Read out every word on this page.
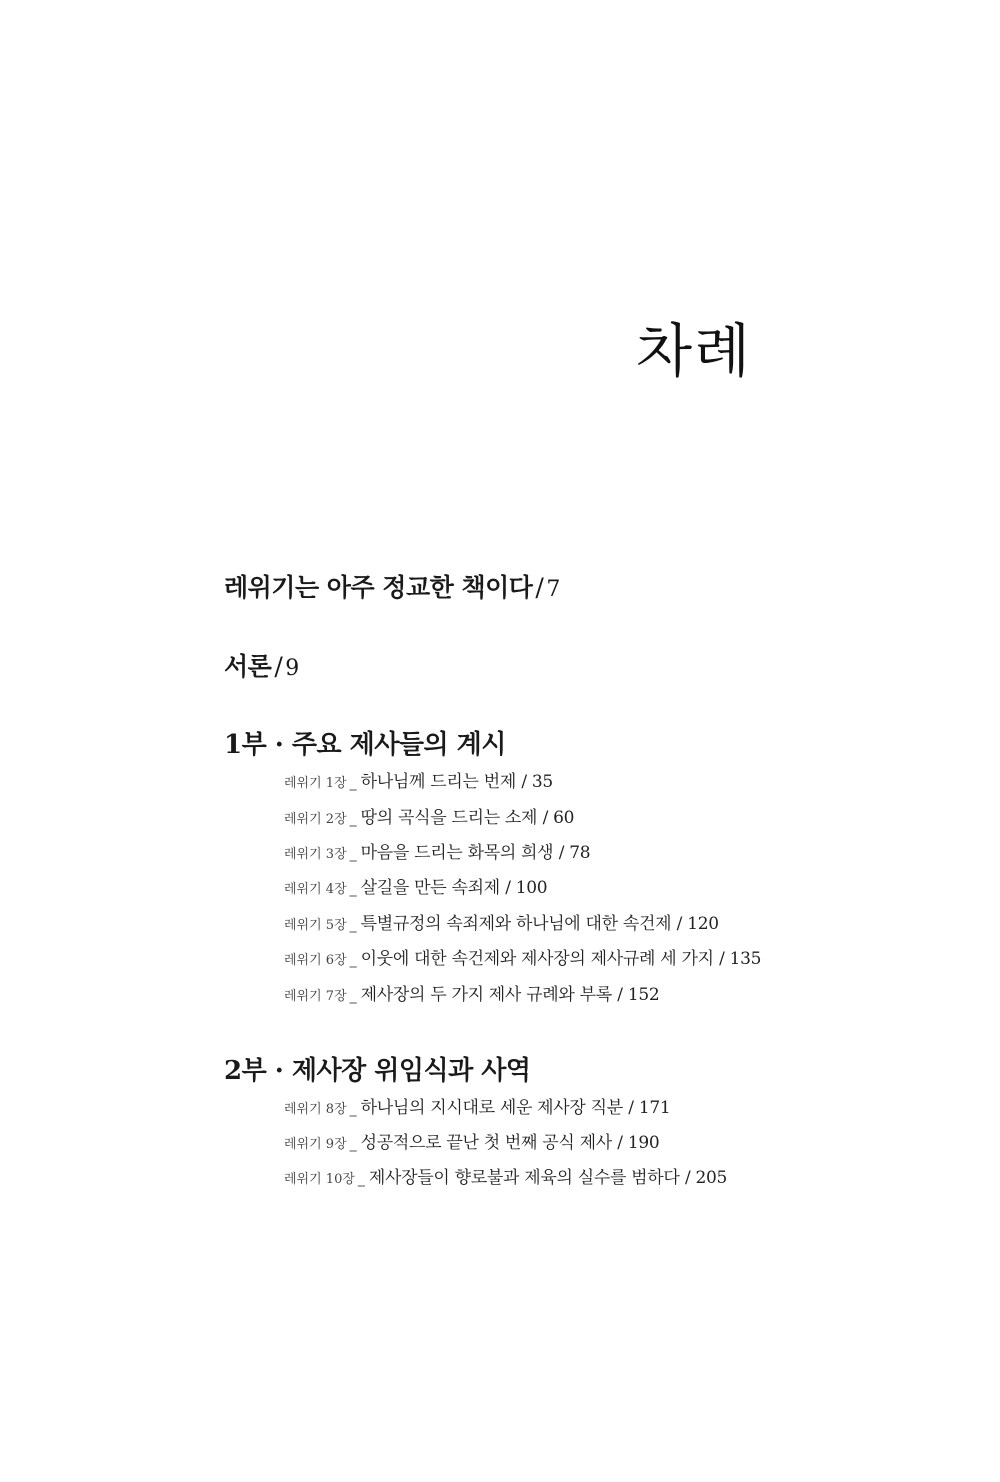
차례
레위기는 아주 정교한 책이다 / 7
서론 / 9
1부 · 주요 제사들의 계시
레위기 1장 _ 하나님께 드리는 번제 / 35
레위기 2장 _ 땅의 곡식을 드리는 소제 / 60
레위기 3장 _ 마음을 드리는 화목의 희생 / 78
레위기 4장 _ 살길을 만든 속죄제 / 100
레위기 5장 _ 특별규정의 속죄제와 하나님에 대한 속건제 / 120
레위기 6장 _ 이웃에 대한 속건제와 제사장의 제사규례 세 가지 / 135
레위기 7장 _ 제사장의 두 가지 제사 규례와 부록 / 152
2부 · 제사장 위임식과 사역
레위기 8장 _ 하나님의 지시대로 세운 제사장 직분 / 171
레위기 9장 _ 성공적으로 끝난 첫 번째 공식 제사 / 190
레위기 10장 _ 제사장들이 향로불과 제육의 실수를 범하다 / 205
